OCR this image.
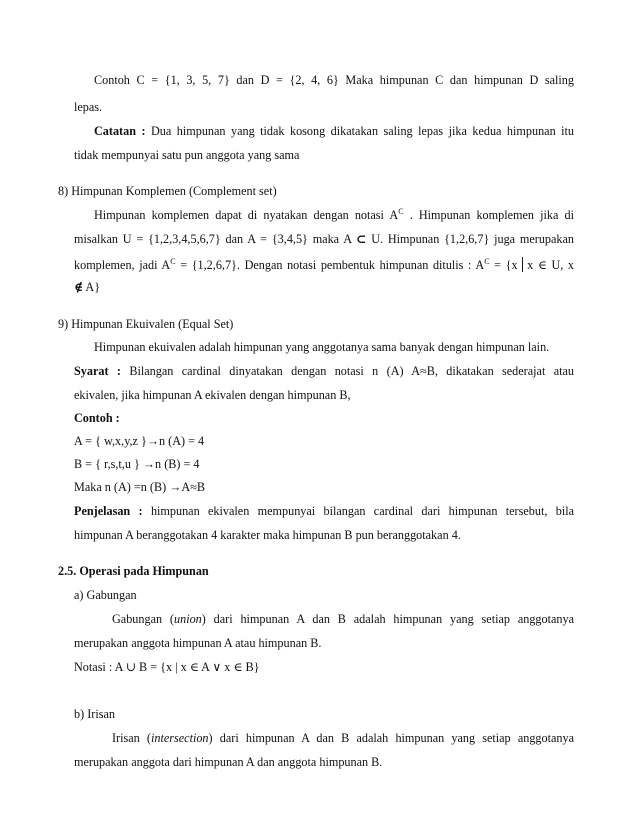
Contoh C = {1, 3, 5, 7} dan D = {2, 4, 6} Maka himpunan C dan himpunan D saling
lepas.
Catatan : Dua himpunan yang tidak kosong dikatakan saling lepas jika kedua himpunan itu
tidak mempunyai satu pun anggota yang sama
8) Himpunan Komplemen (Complement set)
Himpunan komplemen dapat di nyatakan dengan notasi $A^C$ . Himpunan komplemen jika di
misalkan U = {1,2,3,4,5,6,7} dan A = {3,4,5} maka A ⊂ U. Himpunan {1,2,6,7} juga merupakan
komplemen, jadi $A^C = \{1,2,6,7\}$. Dengan notasi pembentuk himpunan ditulis : $A^C = \{x$ x ∈ U, x
∉ A}
9) Himpunan Ekuivalen (Equal Set)
Himpunan ekuivalen adalah himpunan yang anggotanya sama banyak dengan himpunan lain.
Syarat : Bilangan cardinal dinyatakan dengan notasi n (A) A≈B, dikatakan sederajat atau
ekivalen, jika himpunan A ekivalen dengan himpunan B,
Contoh :
A = { w,x,y,z }→n (A) = 4
B = { r,s,t,u } →n (B) = 4
Maka n (A) =n (B) →A≈B
Penjelasan : himpunan ekivalen mempunyai bilangan cardinal dari himpunan tersebut, bila
himpunan A beranggotakan 4 karakter maka himpunan B pun beranggotakan 4.
2.5. Operasi pada Himpunan
a) Gabungan
Gabungan (union) dari himpunan A dan B adalah himpunan yang setiap anggotanya
merupakan anggota himpunan A atau himpunan B.
Notasi : A ∪ B = {x | x ∈ A ∨ x ∈ B}
b) Irisan
Irisan (intersection) dari himpunan A dan B adalah himpunan yang setiap anggotanya
merupakan anggota dari himpunan A dan anggota himpunan B.
